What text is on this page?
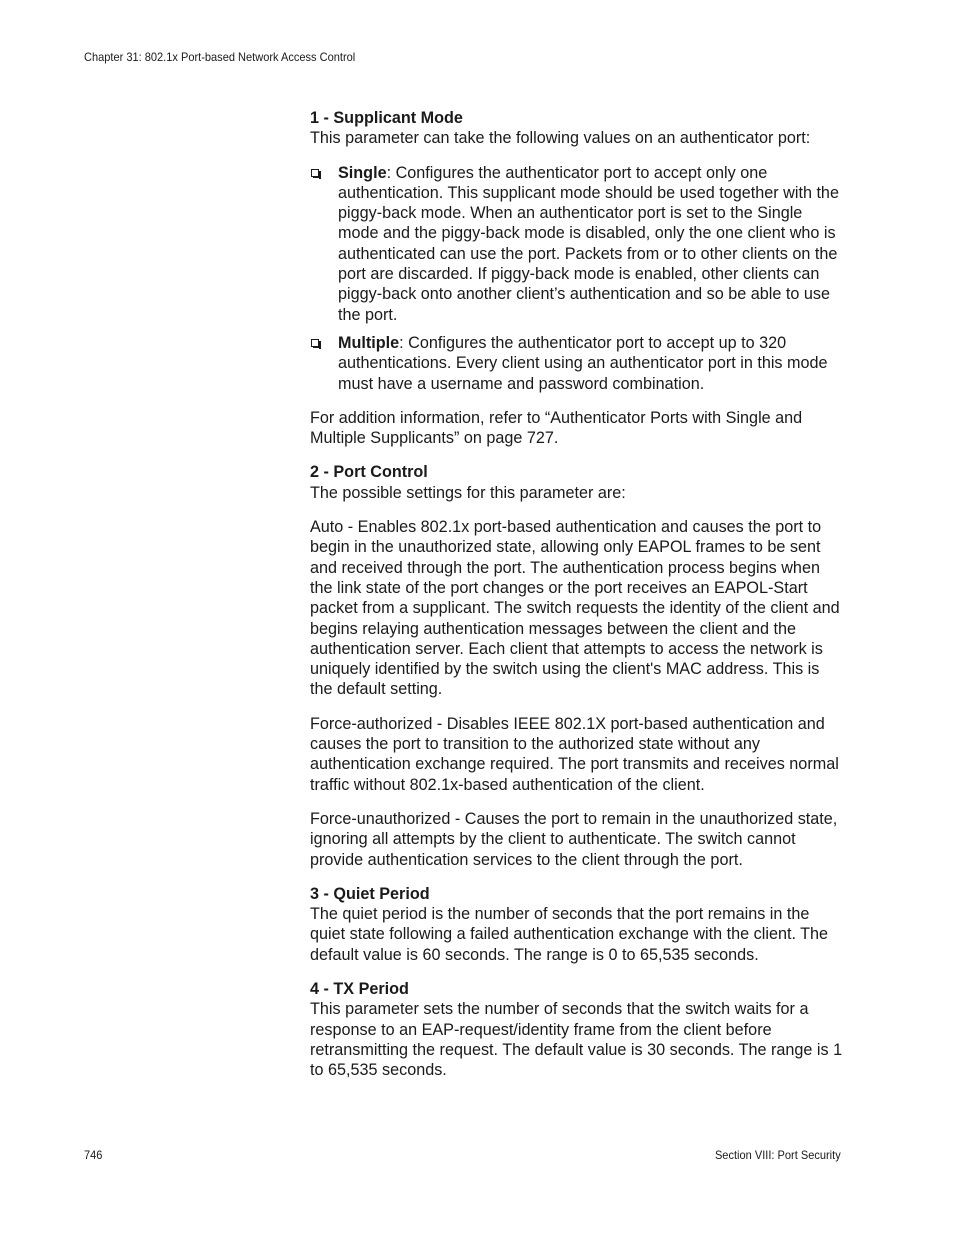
Chapter 31: 802.1x Port-based Network Access Control

1 - Supplicant Mode

This parameter can take the following values on an authenticator port:

Single: Configures the authenticator port to accept only one authentication. This supplicant mode should be used together with the piggy-back mode. When an authenticator port is set to the Single mode and the piggy-back mode is disabled, only the one client who is authenticated can use the port. Packets from or to other clients on the port are discarded. If piggy-back mode is enabled, other clients can piggy-back onto another client’s authentication and so be able to use the port.
Multiple: Configures the authenticator port to accept up to 320 authentications. Every client using an authenticator port in this mode must have a username and password combination.

For addition information, refer to “Authenticator Ports with Single and Multiple Supplicants” on page 727.

2 - Port Control

The possible settings for this parameter are:

Auto - Enables 802.1x port-based authentication and causes the port to begin in the unauthorized state, allowing only EAPOL frames to be sent and received through the port. The authentication process begins when the link state of the port changes or the port receives an EAPOL-Start packet from a supplicant. The switch requests the identity of the client and begins relaying authentication messages between the client and the authentication server. Each client that attempts to access the network is uniquely identified by the switch using the client's MAC address. This is the default setting.

Force-authorized - Disables IEEE 802.1X port-based authentication and causes the port to transition to the authorized state without any authentication exchange required. The port transmits and receives normal traffic without 802.1x-based authentication of the client.

Force-unauthorized - Causes the port to remain in the unauthorized state, ignoring all attempts by the client to authenticate. The switch cannot provide authentication services to the client through the port.

3 - Quiet Period

The quiet period is the number of seconds that the port remains in the quiet state following a failed authentication exchange with the client. The default value is 60 seconds. The range is 0 to 65,535 seconds.

4 - TX Period

This parameter sets the number of seconds that the switch waits for a response to an EAP-request/identity frame from the client before retransmitting the request. The default value is 30 seconds. The range is 1 to 65,535 seconds.

746	Section VIII: Port Security
